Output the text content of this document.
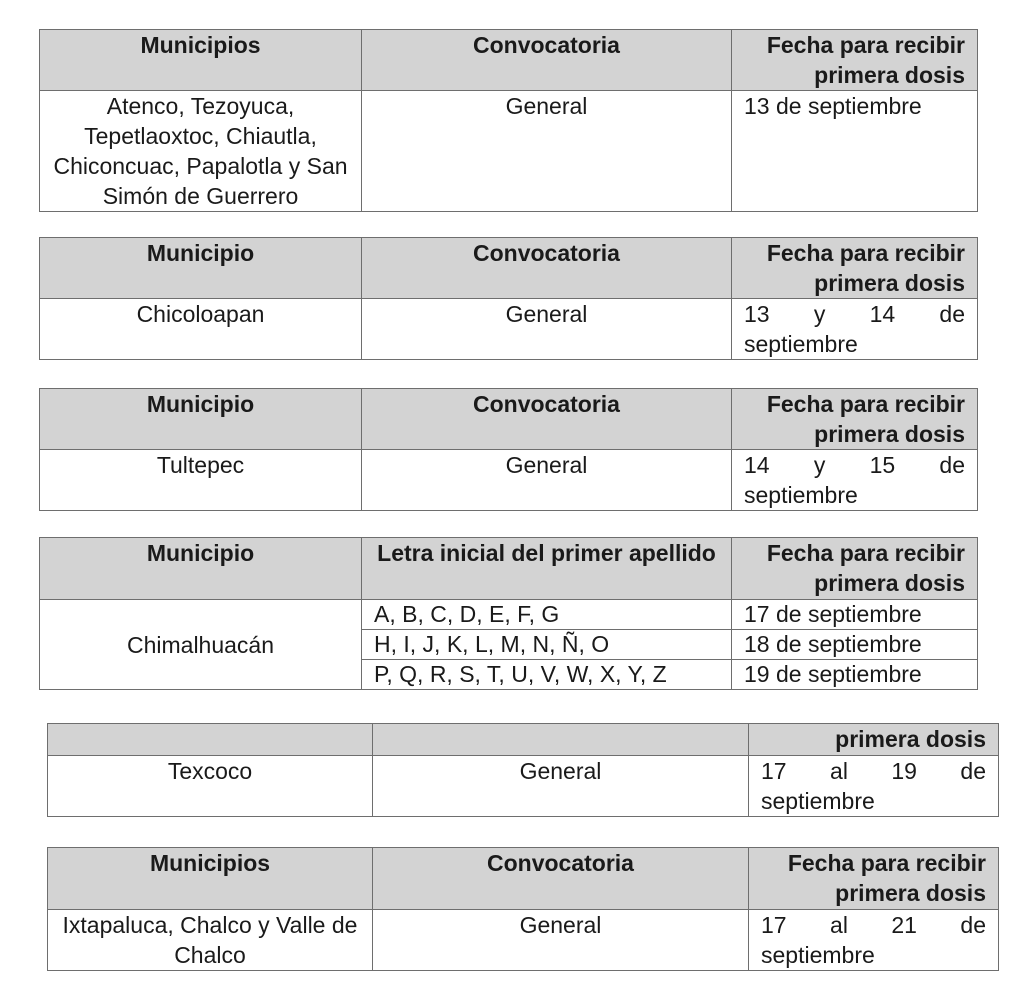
Municipios	Convocatoria	Fecha para recibir primera dosis
Atenco, Tezoyuca, Tepetlaoxtoc, Chiautla, Chiconcuac, Papalotla y San Simón de Guerrero	General	13 de septiembre
Municipio	Convocatoria	Fecha para recibir primera dosis
Chicoloapan	General	13 y 14 de septiembre
Municipio	Convocatoria	Fecha para recibir primera dosis
Tultepec	General	14 y 15 de septiembre
Municipio	Letra inicial del primer apellido	Fecha para recibir primera dosis
Chimalhuacán	A, B, C, D, E, F, G	17 de septiembre
	H, I, J, K, L, M, N, Ñ, O	18 de septiembre
	P, Q, R, S, T, U, V, W, X, Y, Z	19 de septiembre
		primera dosis
Texcoco	General	17 al 19 de septiembre
Municipios	Convocatoria	Fecha para recibir primera dosis
Ixtapaluca, Chalco y Valle de Chalco	General	17 al 21 de septiembre
